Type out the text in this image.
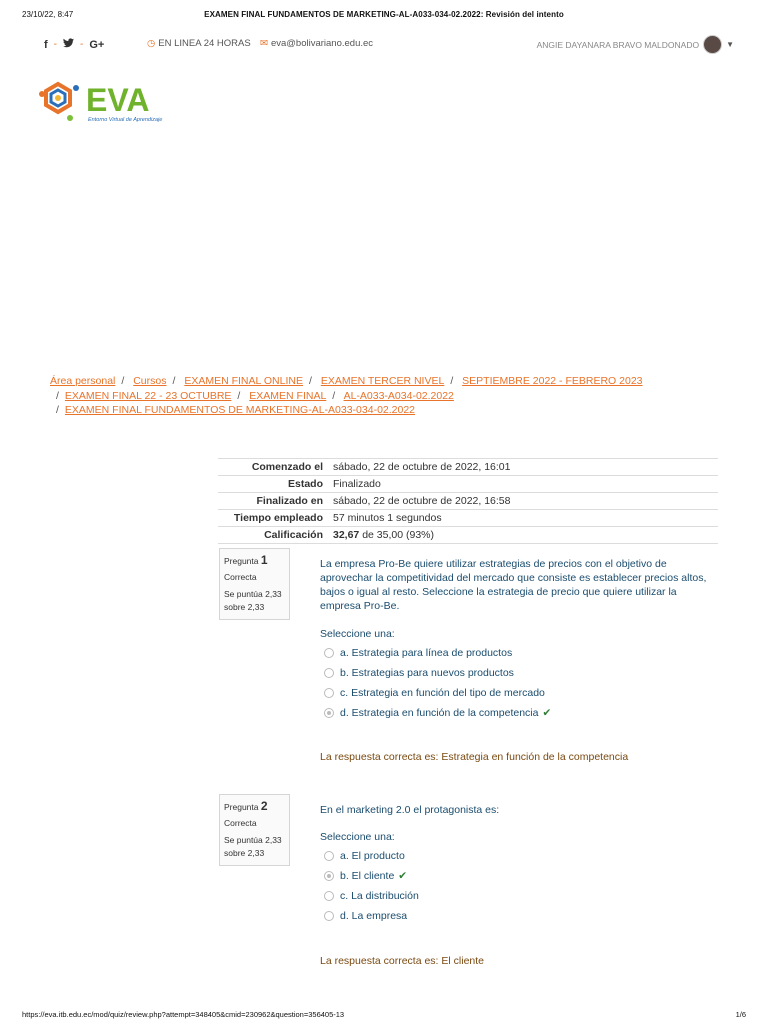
23/10/22, 8:47	EXAMEN FINAL FUNDAMENTOS DE MARKETING-AL-A033-034-02.2022: Revisión del intento
f - - G+	◷ EN LINEA 24 HORAS ✉ eva@bolivariano.edu.ec	ANGIE DAYANARA BRAVO MALDONADO	▼
EVA
Entorno Virtual de Aprendizaje
Área personal / Cursos / EXAMEN FINAL ONLINE / EXAMEN TERCER NIVEL / SEPTIEMBRE 2022 - FEBRERO 2023
/ EXAMEN FINAL 22 - 23 OCTUBRE / EXAMEN FINAL / AL-A033-A034-02.2022
/ EXAMEN FINAL FUNDAMENTOS DE MARKETING-AL-A033-034-02.2022
Comenzado el	sábado, 22 de octubre de 2022, 16:01
Estado	Finalizado
Finalizado en	sábado, 22 de octubre de 2022, 16:58
Tiempo empleado	57 minutos 1 segundos
Calificación	32,67 de 35,00 (93%)
Pregunta 1
Correcta
Se puntúa 2,33
sobre 2,33
La empresa Pro-Be quiere utilizar estrategias de precios con el objetivo de aprovechar la competitividad del mercado que consiste es establecer precios altos, bajos o igual al resto. Seleccione la estrategia de precio que quiere utilizar la empresa Pro-Be.
Seleccione una:
a. Estrategia para línea de productos
b. Estrategias para nuevos productos
c. Estrategia en función del tipo de mercado
d. Estrategia en función de la competencia ✔
La respuesta correcta es: Estrategia en función de la competencia
Pregunta 2
Correcta
Se puntúa 2,33
sobre 2,33
En el marketing 2.0 el protagonista es:
Seleccione una:
a. El producto
b. El cliente ✔
c. La distribución
d. La empresa
La respuesta correcta es: El cliente
https://eva.itb.edu.ec/mod/quiz/review.php?attempt=348405&cmid=230962&question=356405-13	1/6
